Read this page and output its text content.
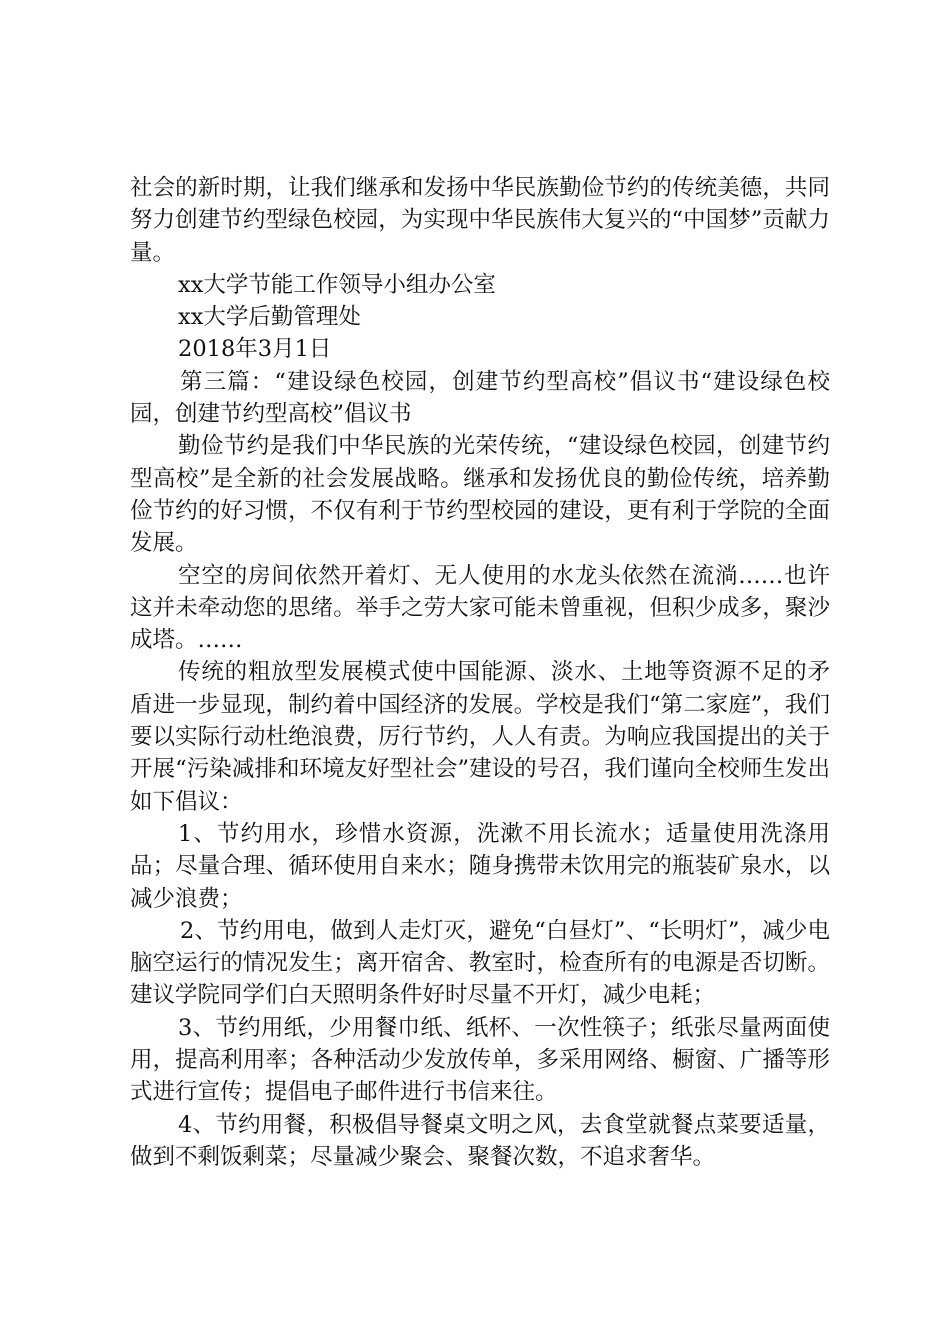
社会的新时期，让我们继承和发扬中华民族勤俭节约的传统美德，共同努力创建节约型绿色校园，为实现中华民族伟大复兴的“中国梦”贡献力量。

xx大学节能工作领导小组办公室

xx大学后勤管理处

2018年3月1日

第三篇：“建设绿色校园，创建节约型高校”倡议书“建设绿色校园，创建节约型高校”倡议书

勤俭节约是我们中华民族的光荣传统，“建设绿色校园，创建节约型高校”是全新的社会发展战略。继承和发扬优良的勤俭传统，培养勤俭节约的好习惯，不仅有利于节约型校园的建设，更有利于学院的全面发展。

空空的房间依然开着灯、无人使用的水龙头依然在流淌……也许这并未牵动您的思绪。举手之劳大家可能未曾重视，但积少成多，聚沙成塔。……

传统的粗放型发展模式使中国能源、淡水、土地等资源不足的矛盾进一步显现，制约着中国经济的发展。学校是我们“第二家庭”，我们要以实际行动杜绝浪费，厉行节约，人人有责。为响应我国提出的关于开展“污染减排和环境友好型社会”建设的号召，我们谨向全校师生发出如下倡议：

1、节约用水，珍惜水资源，洗漱不用长流水；适量使用洗涤用品；尽量合理、循环使用自来水；随身携带未饮用完的瓶装矿泉水，以减少浪费；

2、节约用电，做到人走灯灭，避免“白昼灯”、“长明灯”，减少电脑空运行的情况发生；离开宿舍、教室时，检查所有的电源是否切断。建议学院同学们白天照明条件好时尽量不开灯，减少电耗；

3、节约用纸，少用餐巾纸、纸杯、一次性筷子；纸张尽量两面使用，提高利用率；各种活动少发放传单，多采用网络、橱窗、广播等形式进行宣传；提倡电子邮件进行书信来往。

4、节约用餐，积极倡导餐桌文明之风，去食堂就餐点菜要适量，做到不剩饭剩菜；尽量减少聚会、聚餐次数，不追求奢华。
